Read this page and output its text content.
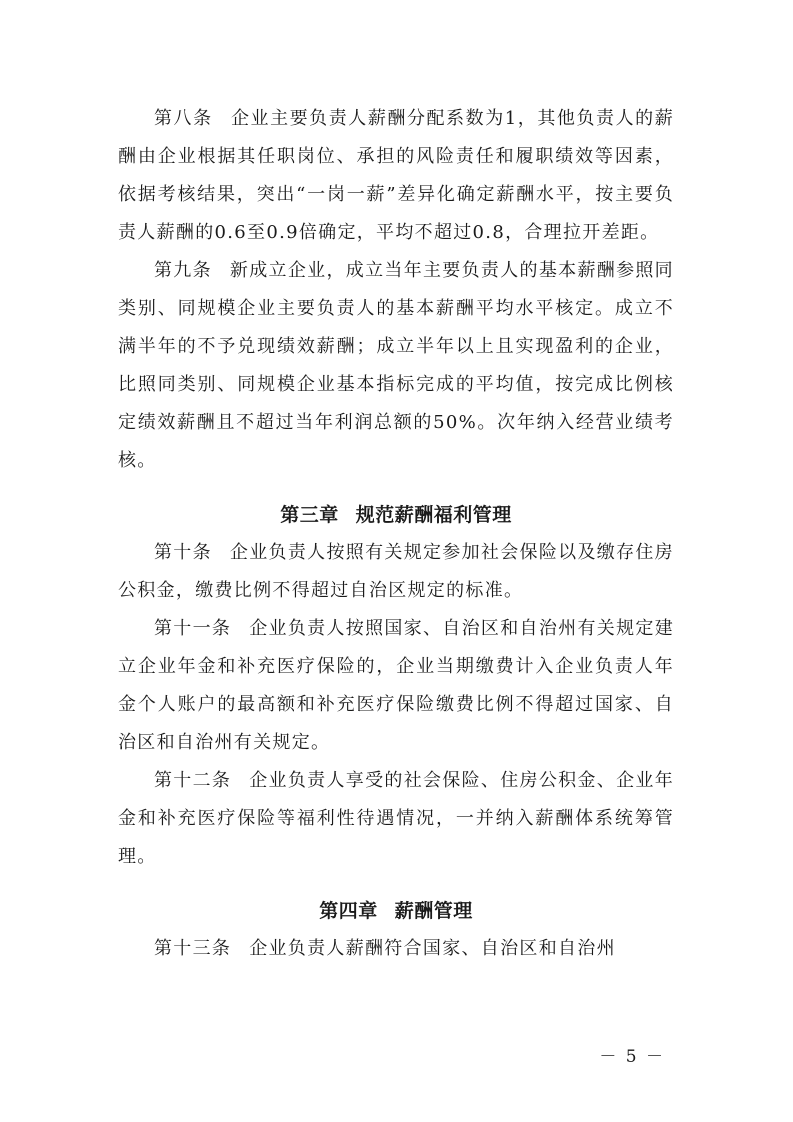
第八条 企业主要负责人薪酬分配系数为1，其他负责人的薪酬由企业根据其任职岗位、承担的风险责任和履职绩效等因素，依据考核结果，突出“一岗一薪”差异化确定薪酬水平，按主要负责人薪酬的0.6至0.9倍确定，平均不超过0.8，合理拉开差距。

第九条 新成立企业，成立当年主要负责人的基本薪酬参照同类别、同规模企业主要负责人的基本薪酬平均水平核定。成立不满半年的不予兑现绩效薪酬；成立半年以上且实现盈利的企业，比照同类别、同规模企业基本指标完成的平均值，按完成比例核定绩效薪酬且不超过当年利润总额的50%。次年纳入经营业绩考核。

第三章 规范薪酬福利管理

第十条 企业负责人按照有关规定参加社会保险以及缴存住房公积金，缴费比例不得超过自治区规定的标准。

第十一条 企业负责人按照国家、自治区和自治州有关规定建立企业年金和补充医疗保险的，企业当期缴费计入企业负责人年金个人账户的最高额和补充医疗保险缴费比例不得超过国家、自治区和自治州有关规定。

第十二条 企业负责人享受的社会保险、住房公积金、企业年金和补充医疗保险等福利性待遇情况，一并纳入薪酬体系统筹管理。

第四章 薪酬管理

第十三条 企业负责人薪酬符合国家、自治区和自治州

－ 5 －
